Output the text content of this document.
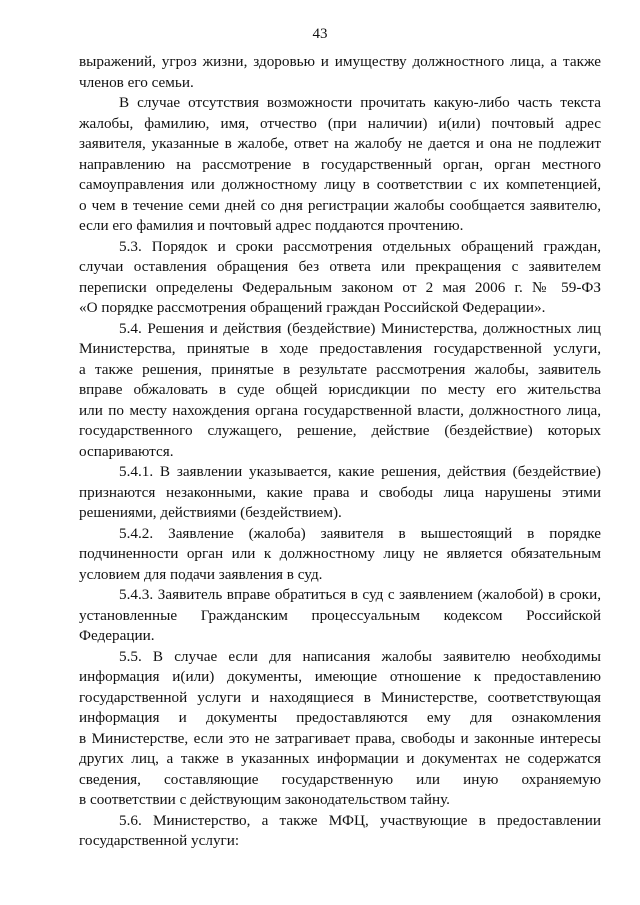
43
выражений, угроз жизни, здоровью и имуществу должностного лица, а также
членов его семьи.
В случае отсутствия возможности прочитать какую-либо часть текста
жалобы, фамилию, имя, отчество (при наличии) и(или) почтовый адрес
заявителя, указанные в жалобе, ответ на жалобу не дается и она не подлежит
направлению на рассмотрение в государственный орган, орган местного
самоуправления или должностному лицу в соответствии с их компетенцией,
о чем в течение семи дней со дня регистрации жалобы сообщается заявителю,
если его фамилия и почтовый адрес поддаются прочтению.
5.3. Порядок и сроки рассмотрения отдельных обращений граждан,
случаи оставления обращения без ответа или прекращения с заявителем
переписки определены Федеральным законом от 2 мая 2006 г. № 59-ФЗ
«О порядке рассмотрения обращений граждан Российской Федерации».
5.4. Решения и действия (бездействие) Министерства, должностных лиц
Министерства, принятые в ходе предоставления государственной услуги,
а также решения, принятые в результате рассмотрения жалобы, заявитель
вправе обжаловать в суде общей юрисдикции по месту его жительства
или по месту нахождения органа государственной власти, должностного лица,
государственного служащего, решение, действие (бездействие) которых
оспариваются.
5.4.1. В заявлении указывается, какие решения, действия (бездействие)
признаются незаконными, какие права и свободы лица нарушены этими
решениями, действиями (бездействием).
5.4.2. Заявление (жалоба) заявителя в вышестоящий в порядке
подчиненности орган или к должностному лицу не является обязательным
условием для подачи заявления в суд.
5.4.3. Заявитель вправе обратиться в суд с заявлением (жалобой) в сроки,
установленные Гражданским процессуальным кодексом Российской
Федерации.
5.5. В случае если для написания жалобы заявителю необходимы
информация и(или) документы, имеющие отношение к предоставлению
государственной услуги и находящиеся в Министерстве, соответствующая
информация и документы предоставляются ему для ознакомления
в Министерстве, если это не затрагивает права, свободы и законные интересы
других лиц, а также в указанных информации и документах не содержатся
сведения, составляющие государственную или иную охраняемую
в соответствии с действующим законодательством тайну.
5.6. Министерство, а также МФЦ, участвующие в предоставлении
государственной услуги:
